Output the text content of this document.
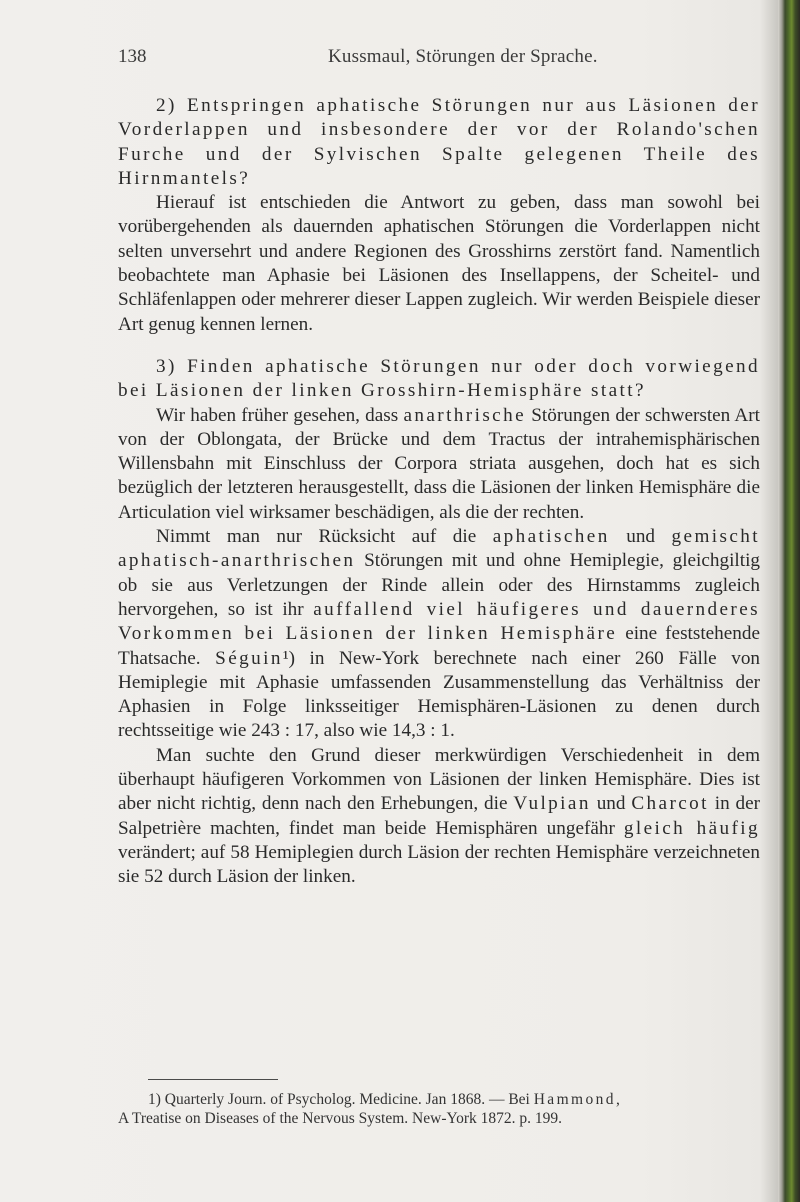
138	Kussmaul, Störungen der Sprache.

2) Entspringen aphatische Störungen nur aus Läsionen der Vorderlappen und insbesondere der vor der Rolando'schen Furche und der Sylvischen Spalte gelegenen Theile des Hirnmantels?

Hierauf ist entschieden die Antwort zu geben, dass man sowohl bei vorübergehenden als dauernden aphatischen Störungen die Vorderlappen nicht selten unversehrt und andere Regionen des Grosshirns zerstört fand. Namentlich beobachtete man Aphasie bei Läsionen des Insellappens, der Scheitel- und Schläfenlappen oder mehrerer dieser Lappen zugleich. Wir werden Beispiele dieser Art genug kennen lernen.

3) Finden aphatische Störungen nur oder doch vorwiegend bei Läsionen der linken Grosshirn-Hemisphäre statt?

Wir haben früher gesehen, dass anarthrische Störungen der schwersten Art von der Oblongata, der Brücke und dem Tractus der intrahemisphärischen Willensbahn mit Einschluss der Corpora striata ausgehen, doch hat es sich bezüglich der letzteren herausgestellt, dass die Läsionen der linken Hemisphäre die Articulation viel wirksamer beschädigen, als die der rechten.

Nimmt man nur Rücksicht auf die aphatischen und gemischt aphatisch-anarthrischen Störungen mit und ohne Hemiplegie, gleichgiltig ob sie aus Verletzungen der Rinde allein oder des Hirnstamms zugleich hervorgehen, so ist ihr auffallend viel häufigeres und dauernderes Vorkommen bei Läsionen der linken Hemisphäre eine feststehende Thatsache. Séguin¹) in New-York berechnete nach einer 260 Fälle von Hemiplegie mit Aphasie umfassenden Zusammenstellung das Verhältniss der Aphasien in Folge linksseitiger Hemisphären-Läsionen zu denen durch rechtsseitige wie 243 : 17, also wie 14,3 : 1.

Man suchte den Grund dieser merkwürdigen Verschiedenheit in dem überhaupt häufigeren Vorkommen von Läsionen der linken Hemisphäre. Dies ist aber nicht richtig, denn nach den Erhebungen, die Vulpian und Charcot in der Salpetrière machten, findet man beide Hemisphären ungefähr gleich häufig verändert; auf 58 Hemiplegien durch Läsion der rechten Hemisphäre verzeichneten sie 52 durch Läsion der linken.

1) Quarterly Journ. of Psycholog. Medicine. Jan 1868. — Bei Hammond,

A Treatise on Diseases of the Nervous System. New-York 1872. p. 199.
